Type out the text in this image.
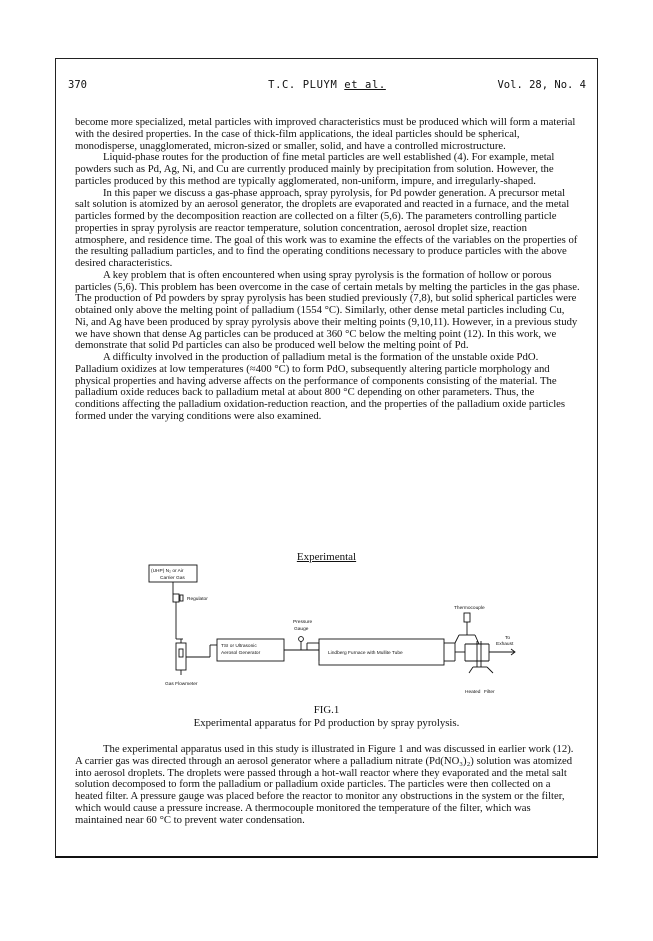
370	T.C. PLUYM et al.	Vol. 28, No. 4

become more specialized, metal particles with improved characteristics must be produced which will form a material with the desired properties. In the case of thick-film applications, the ideal particles should be spherical, monodisperse, unagglomerated, micron-sized or smaller, solid, and have a controlled microstructure.

Liquid-phase routes for the production of fine metal particles are well established (4). For example, metal powders such as Pd, Ag, Ni, and Cu are currently produced mainly by precipitation from solution. However, the particles produced by this method are typically agglomerated, non-uniform, impure, and irregularly-shaped.

In this paper we discuss a gas-phase approach, spray pyrolysis, for Pd powder generation. A precursor metal salt solution is atomized by an aerosol generator, the droplets are evaporated and reacted in a furnace, and the metal particles formed by the decomposition reaction are collected on a filter (5,6). The parameters controlling particle properties in spray pyrolysis are reactor temperature, solution concentration, aerosol droplet size, reaction atmosphere, and residence time. The goal of this work was to examine the effects of the variables on the properties of the resulting palladium particles, and to find the operating conditions necessary to produce particles with the above desired characteristics.

A key problem that is often encountered when using spray pyrolysis is the formation of hollow or porous particles (5,6). This problem has been overcome in the case of certain metals by melting the particles in the gas phase. The production of Pd powders by spray pyrolysis has been studied previously (7,8), but solid spherical particles were obtained only above the melting point of palladium (1554 °C). Similarly, other dense metal particles including Cu, Ni, and Ag have been produced by spray pyrolysis above their melting points (9,10,11). However, in a previous study we have shown that dense Ag particles can be produced at 360 °C below the melting point (12). In this work, we demonstrate that solid Pd particles can also be produced well below the melting point of Pd.

A difficulty involved in the production of palladium metal is the formation of the unstable oxide PdO. Palladium oxidizes at low temperatures (≈400 °C) to form PdO, subsequently altering particle morphology and physical properties and having adverse affects on the performance of components consisting of the material. The palladium oxide reduces back to palladium metal at about 800 °C depending on other parameters. Thus, the conditions affecting the palladium oxidation-reduction reaction, and the properties of the palladium oxide particles formed under the varying conditions were also examined.

Experimental
(UHP) N₂ or Air
Carrier Gas
Regulator
Pressure
Gauge
TSI or Ultrasonic
Aerosol Generator	Lindberg Furnace with Mullite Tube
Thermocouple
To
Exhaust
Gas Flowmeter
Heated Filter
FIG.1
Experimental apparatus for Pd production by spray pyrolysis.

The experimental apparatus used in this study is illustrated in Figure 1 and was discussed in earlier work (12). A carrier gas was directed through an aerosol generator where a palladium nitrate (Pd(NO₃)₂) solution was atomized into aerosol droplets. The droplets were passed through a hot-wall reactor where they evaporated and the metal salt solution decomposed to form the palladium or palladium oxide particles. The particles were then collected on a heated filter. A pressure gauge was placed before the reactor to monitor any obstructions in the system or the filter, which would cause a pressure increase. A thermocouple monitored the temperature of the filter, which was maintained near 60 °C to prevent water condensation.
